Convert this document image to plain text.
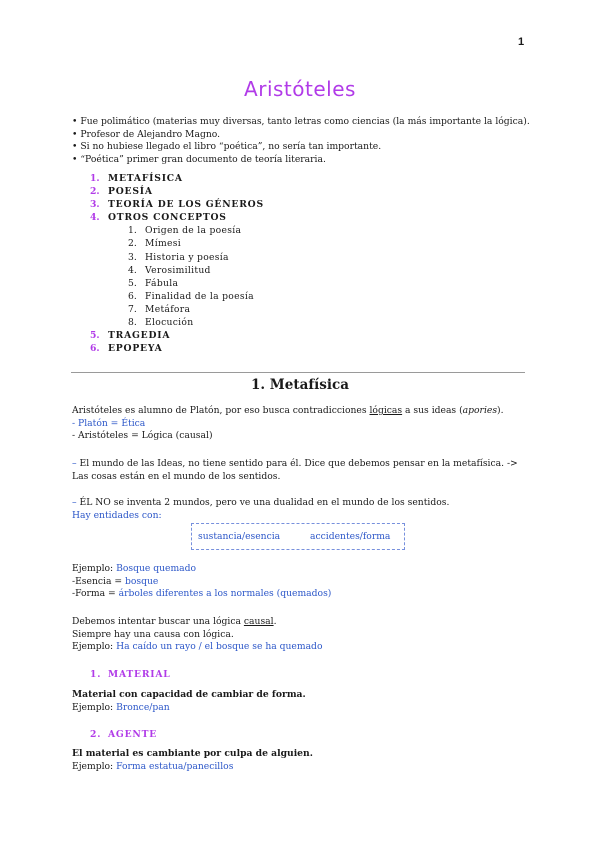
1
Aristóteles
• Fue polimático (materias muy diversas, tanto letras como ciencias (la más importante la lógica).
• Profesor de Alejandro Magno.
• Si no hubiese llegado el libro “poética”, no sería tan importante.
• “Poética” primer gran documento de teoría literaria.
1. METAFÍSICA
2. POESÍA
3. TEORÍA DE LOS GÉNEROS
4. OTROS CONCEPTOS
1. Origen de la poesía
2. Mímesi
3. Historia y poesía
4. Verosimilitud
5. Fábula
6. Finalidad de la poesía
7. Metáfora
8. Elocución
5. TRAGEDIA
6. EPOPEYA
1. Metafísica
Aristóteles es alumno de Platón, por eso busca contradicciones lógicas a sus ideas (apories).
- Platón = Ética
- Aristóteles = Lógica (causal)
– El mundo de las Ideas, no tiene sentido para él. Dice que debemos pensar en la metafísica. -> Las cosas están en el mundo de los sentidos.
– ÉL NO se inventa 2 mundos, pero ve una dualidad en el mundo de los sentidos.
Hay entidades con:
sustancia/esencia	accidentes/forma
Ejemplo: Bosque quemado
-Esencia = bosque
-Forma = árboles diferentes a los normales (quemados)
Debemos intentar buscar una lógica causal.
Siempre hay una causa con lógica.
Ejemplo: Ha caído un rayo / el bosque se ha quemado
1. MATERIAL
Material con capacidad de cambiar de forma.
Ejemplo: Bronce/pan
2. AGENTE
El material es cambiante por culpa de alguien.
Ejemplo: Forma estatua/panecillos
